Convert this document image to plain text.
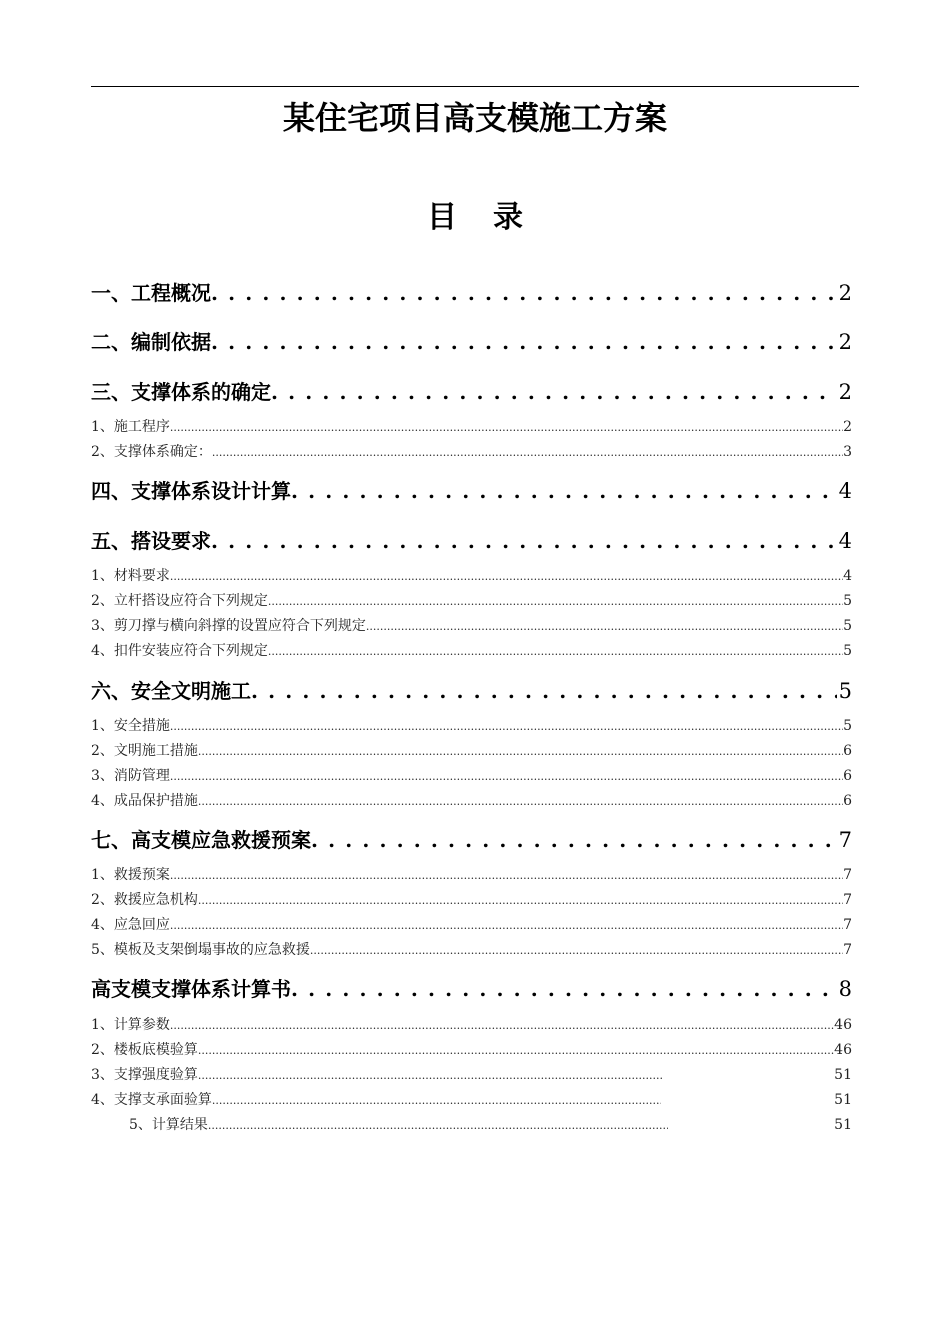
某住宅项目高支模施工方案
目 录
一、工程概况 . . .	2
二、编制依据 . . .	2
三、支撑体系的确定 . . .	2
1、施工程序 .....	2
2、支撑体系确定： .....	3
四、支撑体系设计计算 . . .	4
五、搭设要求 . . .	4
1、材料要求 .....	4
2、立杆搭设应符合下列规定 .....	5
3、剪刀撑与横向斜撑的设置应符合下列规定 .....	5
4、扣件安装应符合下列规定 .....	5
六、安全文明施工 . . .	5
1、安全措施 .....	5
2、文明施工措施 .....	6
3、消防管理 .....	6
4、成品保护措施 .....	6
七、高支模应急救援预案 . . .	7
1、救援预案 .....	7
2、救援应急机构 .....	7
4、应急回应 .....	7
5、模板及支架倒塌事故的应急救援 .....	7
高支模支撑体系计算书 . . .	8
1、计算参数 .....	46
2、楼板底模验算 .....	46
3、支撑强度验算 .....	51
4、支撑支承面验算 .....	51
5、计算结果 .....	51
